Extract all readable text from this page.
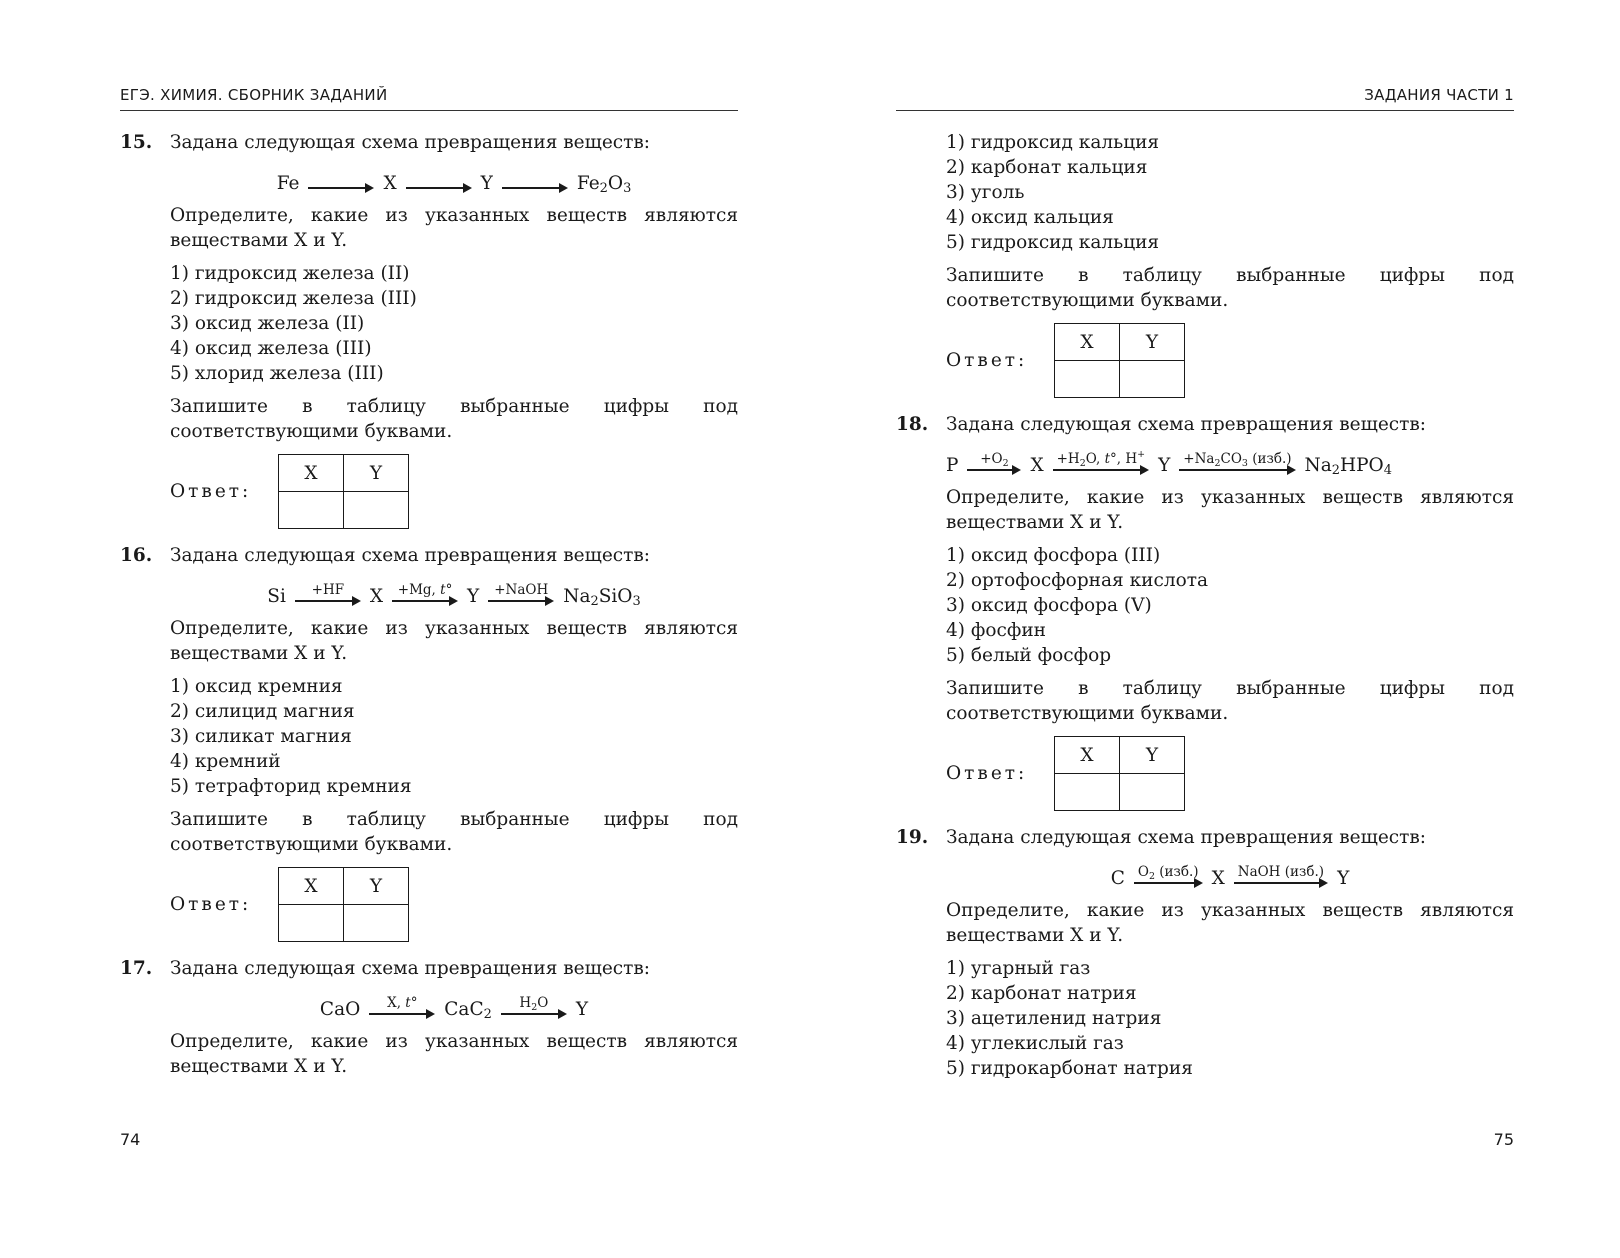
ЕГЭ. ХИМИЯ. СБОРНИК ЗАДАНИЙ
15. Задана следующая схема превращения веществ:
$Fe \to X \to Y \to Fe_2O_3$
Определите, какие из указанных веществ являются веществами X и Y.
1) гидроксид железа (II)
2) гидроксид железа (III)
3) оксид железа (II)
4) оксид железа (III)
5) хлорид железа (III)
Запишите в таблицу выбранные цифры под соответствующими буквами.
Ответ:
X	Y

16. Задана следующая схема превращения веществ:
Si	+HF	X	+Mg, t° Y	+NaOH $Na_2SiO_3$
Определите, какие из указанных веществ являются веществами X и Y.
1) оксид кремния
2) силицид магния
3) силикат магния
4) кремний
5) тетрафторид кремния
Запишите в таблицу выбранные цифры под соответствующими буквами.
Ответ:
X	Y

17. Задана следующая схема превращения веществ:
CaO	X, t°	CaC$_2$
$H_2O$	Y
Определите, какие из указанных веществ являются веществами X и Y.
74
ЗАДАНИЯ ЧАСТИ 1
1) гидроксид кальция
2) карбонат кальция
3) уголь
4) оксид кальция
5) гидроксид кальция
Запишите в таблицу выбранные цифры под соответствующими буквами.
Ответ:
X	Y

18. Задана следующая схема превращения веществ:
P	$+O_2$	$X +H_2O$, t°, H+
$Y +Na_2CO_3$ (изб.) $Na_2HPO_4$
Определите, какие из указанных веществ являются веществами X и Y.
1) оксид фосфора (III)
2) ортофосфорная кислота
3) оксид фосфора (V)
4) фосфин
5) белый фосфор
Запишите в таблицу выбранные цифры под соответствующими буквами.
Ответ:
X	Y

19. Задана следующая схема превращения веществ:
C $O_2$ (изб.) X NaOH (изб.) Y
Определите, какие из указанных веществ являются веществами X и Y.
1) угарный газ
2) карбонат натрия
3) ацетиленид натрия
4) углекислый газ
5) гидрокарбонат натрия
75
